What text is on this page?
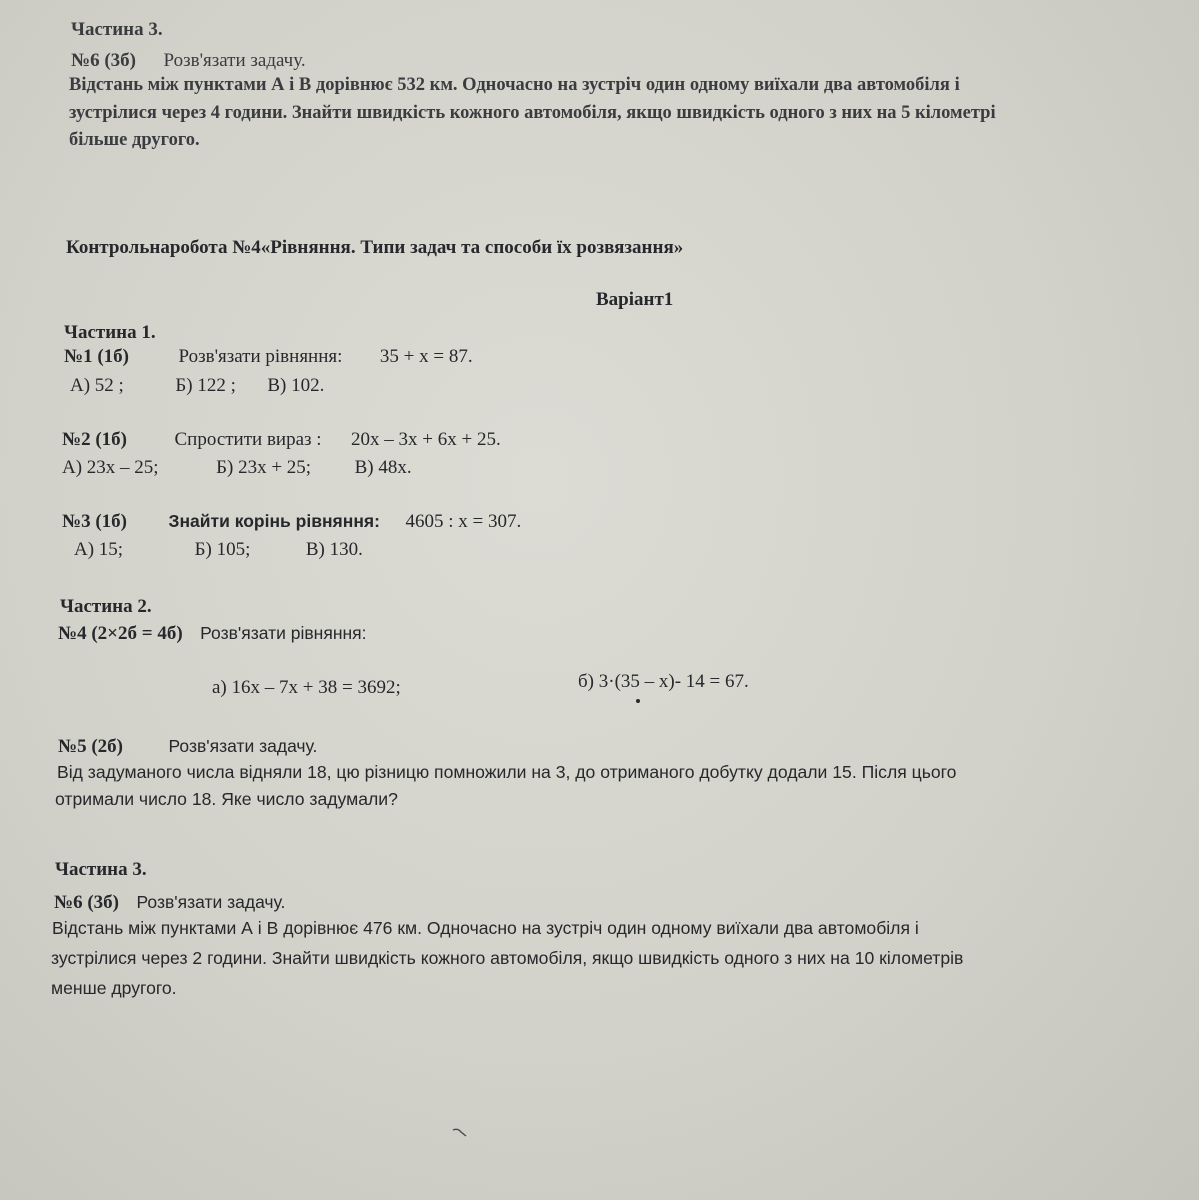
Частина 3.
№6 (3б) Розв'язати задачу.
Відстань між пунктами А і В дорівнює 532 км. Одночасно на зустріч один одному виїхали два автомобіля і
зустрілися через 4 години. Знайти швидкість кожного автомобіля, якщо швидкість одного з них на 5 кілометрі
більше другого.
Контрольнаробота №4«Рівняння. Типи задач та способи їх розвязання»
Варіант1
Частина 1.
№1 (1б)	Розв'язати рівняння: 35 + x = 87.
А) 52 ;	Б) 122 ; В) 102.
№2 (1б)	Спростити вираз : 20x – 3x + 6x + 25.
А) 23x – 25;	Б) 23x + 25; В) 48x.
№3 (1б) Знайти корінь рівняння: 4605 : x = 307.
А) 15;	Б) 105;	В) 130.
Частина 2.
№4 (2×2б = 4б) Розв'язати рівняння:
а) 16x – 7x + 38 = 3692;	б) 3·(35 – x)- 14 = 67.
№5 (2б)	Розв'язати задачу.
Від задуманого числа відняли 18, цю різницю помножили на 3, до отриманого добутку додали 15. Після цього
отримали число 18. Яке число задумали?
Частина 3.
№6 (3б) Розв'язати задачу.
Відстань між пунктами А і В дорівнює 476 км. Одночасно на зустріч один одному виїхали два автомобіля і
зустрілися через 2 години. Знайти швидкість кожного автомобіля, якщо швидкість одного з них на 10 кілометрів
менше другого.
